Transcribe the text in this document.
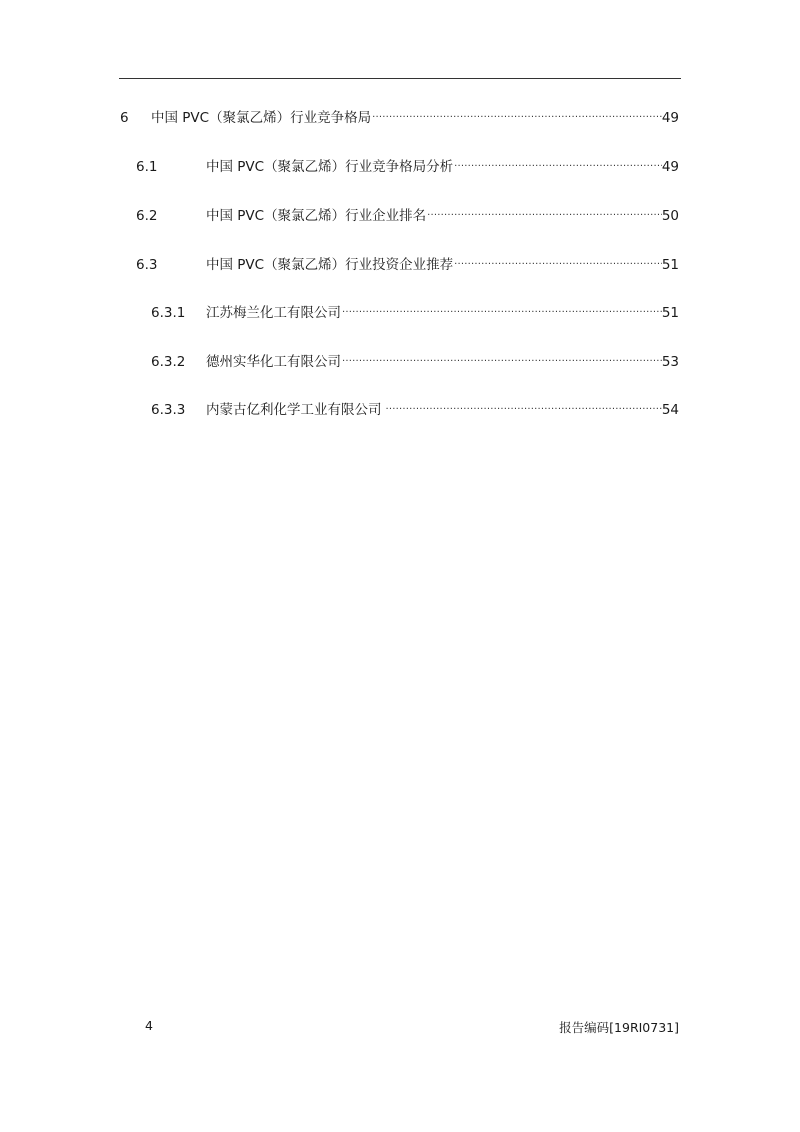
6 中国 PVC（聚氯乙烯）行业竞争格局 .....	49
6.1	中国 PVC（聚氯乙烯）行业竞争格局分析 .....	49
6.2	中国 PVC（聚氯乙烯）行业企业排名 .....	50
6.3	中国 PVC（聚氯乙烯）行业投资企业推荐 .....	51
6.3.1 江苏梅兰化工有限公司 .....	51
6.3.2 德州实华化工有限公司 .....	53
6.3.3 内蒙古亿利化学工业有限公司 .....	54
4	报告编码[19RI0731]
